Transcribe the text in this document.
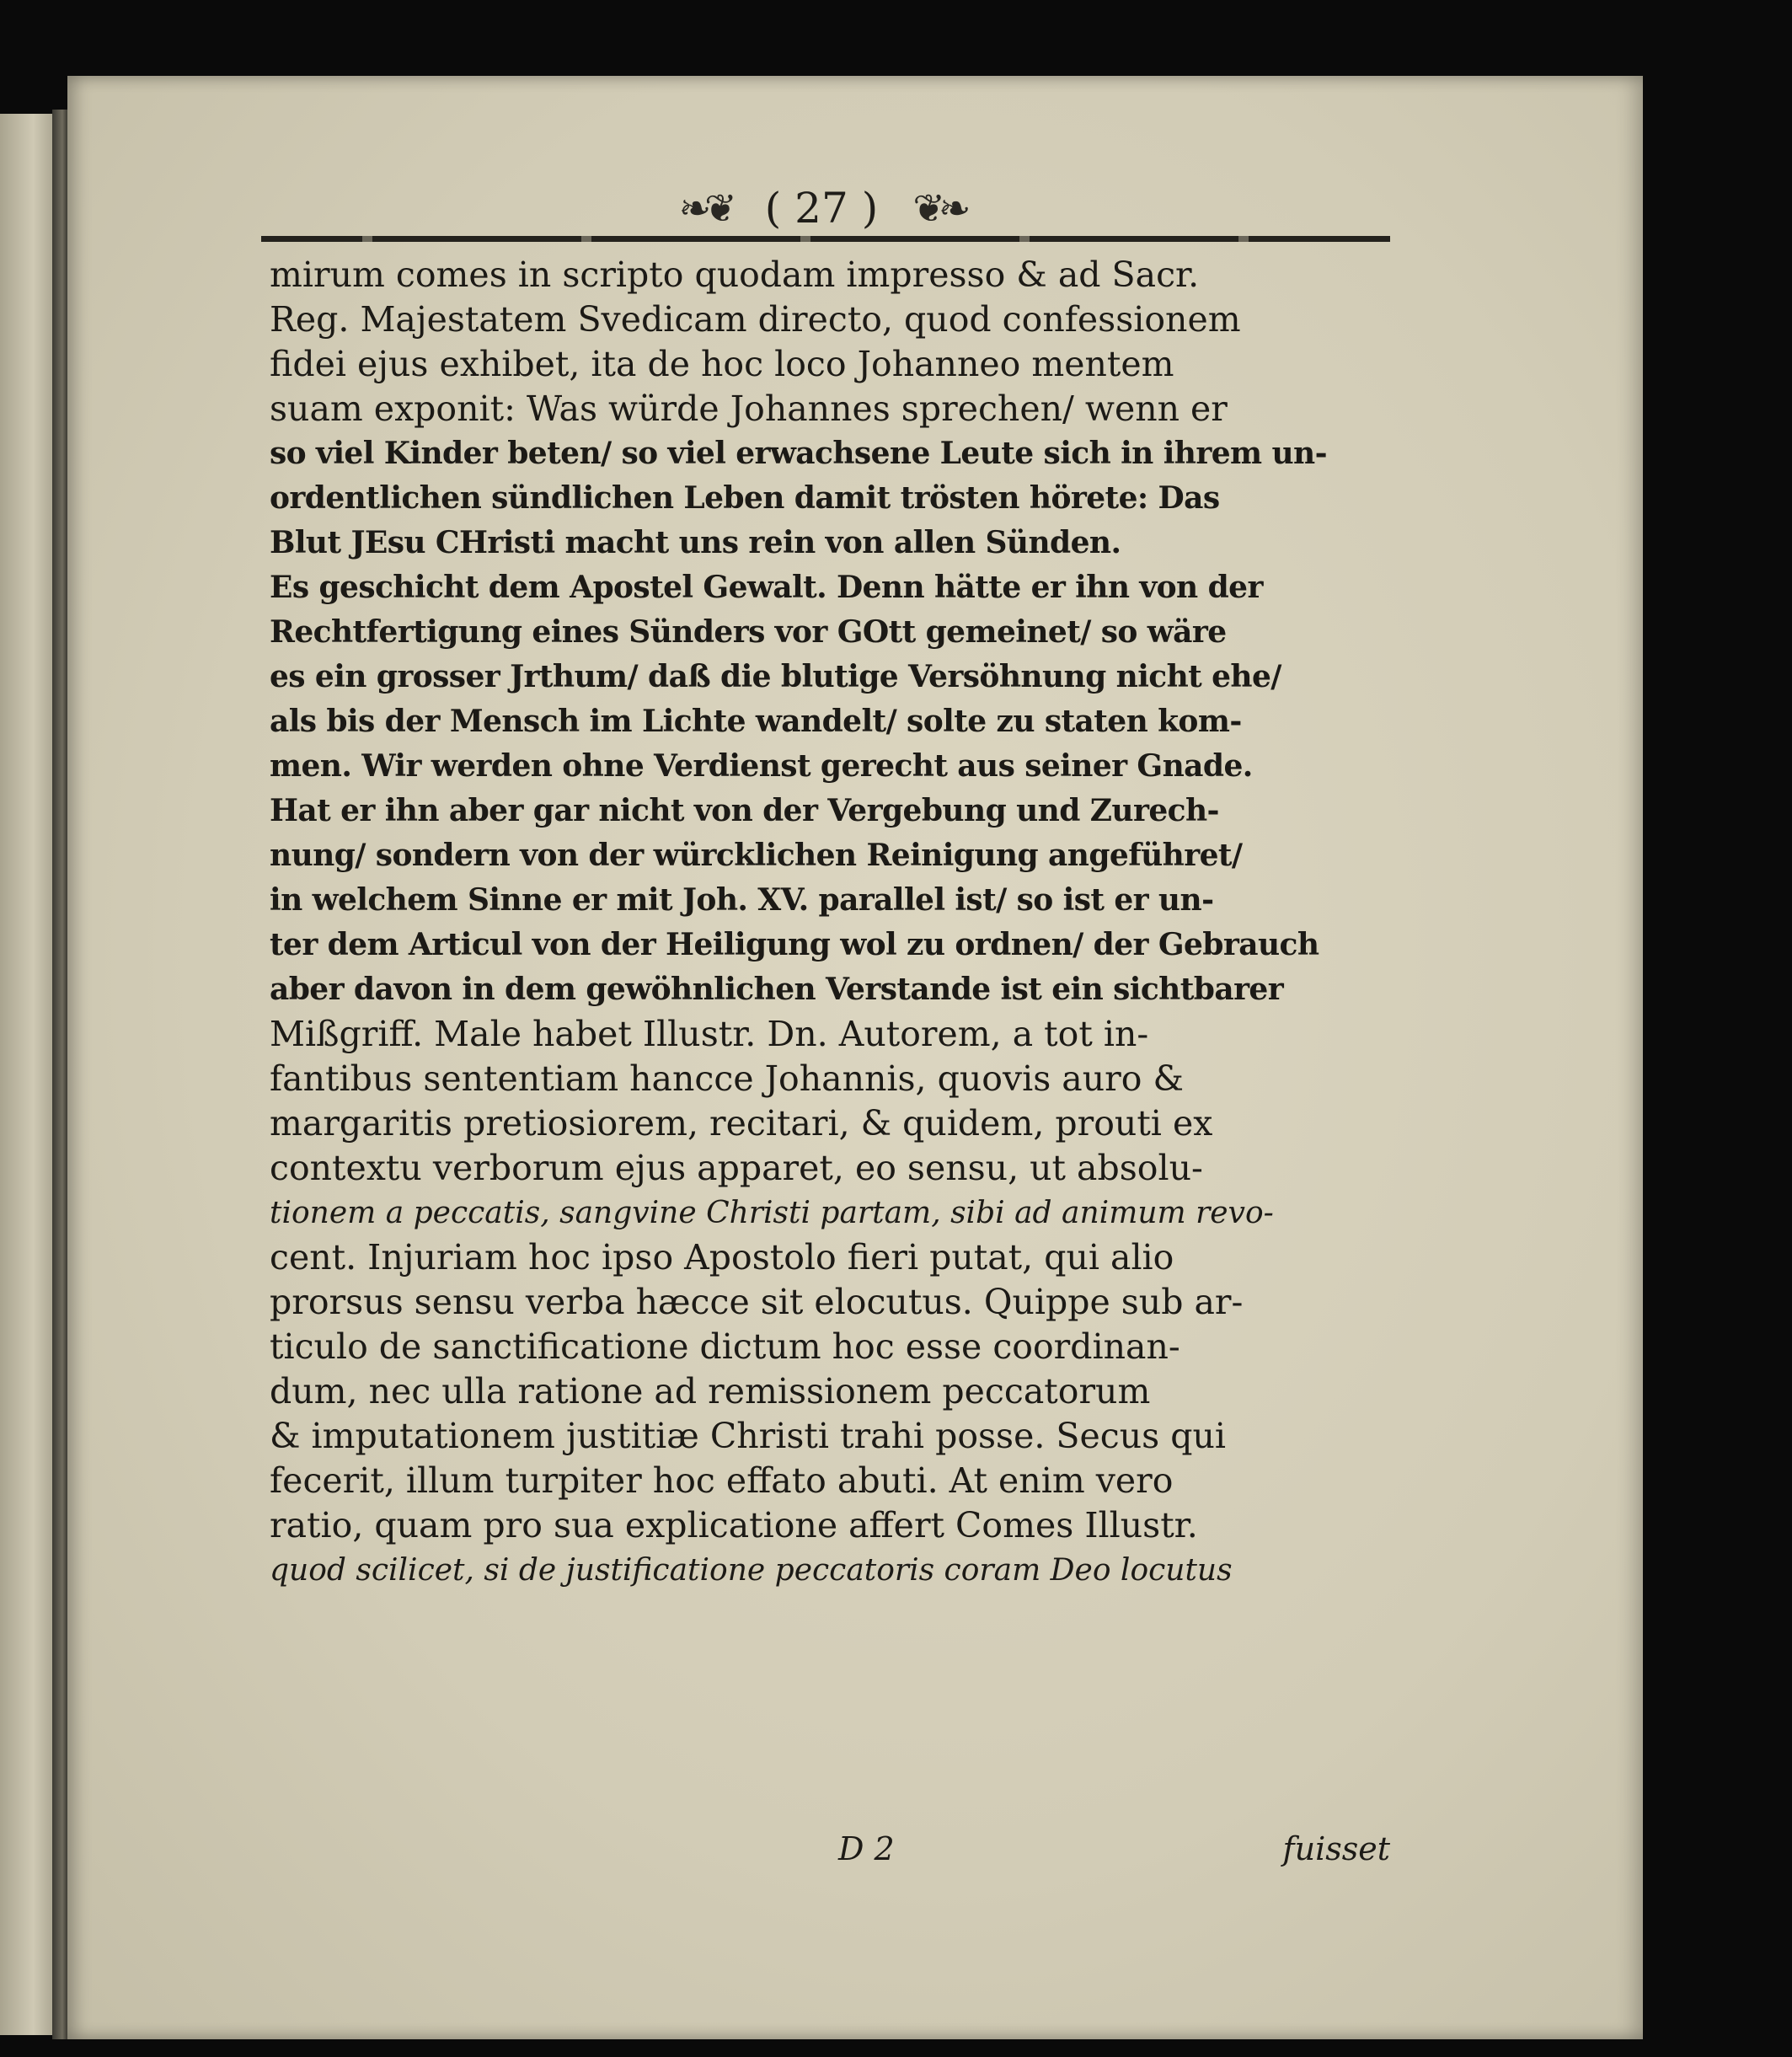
❧❦ ( 27 ) ❦❧
mirum comes in scripto quodam impresso & ad Sacr.
Reg. Majestatem Svedicam directo, quod confessionem
fidei ejus exhibet, ita de hoc loco Johanneo mentem
suam exponit: Was würde Johannes sprechen/ wenn er
so viel Kinder beten/ so viel erwachsene Leute sich in ihrem un-
ordentlichen sündlichen Leben damit trösten hörete: Das
Blut JEsu CHristi macht uns rein von allen Sünden.
Es geschicht dem Apostel Gewalt. Denn hätte er ihn von der
Rechtfertigung eines Sünders vor GOtt gemeinet/ so wäre
es ein grosser Jrthum/ daß die blutige Versöhnung nicht ehe/
als bis der Mensch im Lichte wandelt/ solte zu staten kom-
men. Wir werden ohne Verdienst gerecht aus seiner Gnade.
Hat er ihn aber gar nicht von der Vergebung und Zurech-
nung/ sondern von der würcklichen Reinigung angeführet/
in welchem Sinne er mit Joh. XV. parallel ist/ so ist er un-
ter dem Articul von der Heiligung wol zu ordnen/ der Gebrauch
aber davon in dem gewöhnlichen Verstande ist ein sichtbarer
Mißgriff. Male habet Illustr. Dn. Autorem, a tot in-
fantibus sententiam hancce Johannis, quovis auro &
margaritis pretiosiorem, recitari, & quidem, prouti ex
contextu verborum ejus apparet, eo sensu, ut absolu-
tionem a peccatis, sangvine Christi partam, sibi ad animum revo-
cent. Injuriam hoc ipso Apostolo fieri putat, qui alio
prorsus sensu verba hæcce sit elocutus. Quippe sub ar-
ticulo de sanctificatione dictum hoc esse coordinan-
dum, nec ulla ratione ad remissionem peccatorum
& imputationem justitiæ Christi trahi posse. Secus qui
fecerit, illum turpiter hoc effato abuti. At enim vero
ratio, quam pro sua explicatione affert Comes Illustr.
quod scilicet, si de justificatione peccatoris coram Deo locutus
D 2	fuisset
